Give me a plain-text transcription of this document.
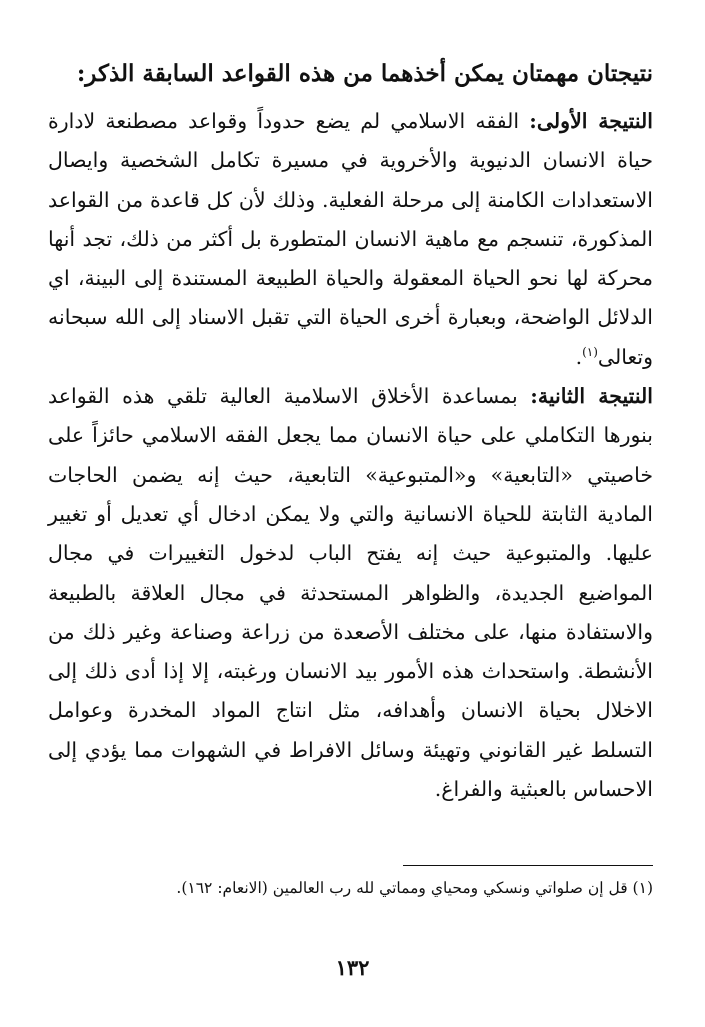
نتيجتان مهمتان يمكن أخذهما من هذه القواعد السابقة الذكر:

النتيجة الأولى: الفقه الاسلامي لم يضع حدوداً وقواعد مصطنعة لادارة حياة الانسان الدنيوية والأخروية في مسيرة تكامل الشخصية وايصال الاستعدادات الكامنة إلى مرحلة الفعلية. وذلك لأن كل قاعدة من القواعد المذكورة، تنسجم مع ماهية الانسان المتطورة بل أكثر من ذلك، تجد أنها محركة لها نحو الحياة المعقولة والحياة الطبيعة المستندة إلى البينة، اي الدلائل الواضحة، وبعبارة أخرى الحياة التي تقبل الاسناد إلى الله سبحانه وتعالى$^{(١)}$.

النتيجة الثانية: بمساعدة الأخلاق الاسلامية العالية تلقي هذه القواعد بنورها التكاملي على حياة الانسان مما يجعل الفقه الاسلامي حائزاً على خاصيتي «التابعية» و«المتبوعية» التابعية، حيث إنه يضمن الحاجات المادية الثابتة للحياة الانسانية والتي ولا يمكن ادخال أي تعديل أو تغيير عليها. والمتبوعية حيث إنه يفتح الباب لدخول التغييرات في مجال المواضيع الجديدة، والظواهر المستحدثة في مجال العلاقة بالطبيعة والاستفادة منها، على مختلف الأصعدة من زراعة وصناعة وغير ذلك من الأنشطة. واستحداث هذه الأمور بيد الانسان ورغبته، إلا إذا أدى ذلك إلى الاخلال بحياة الانسان وأهدافه، مثل انتاج المواد المخدرة وعوامل التسلط غير القانوني وتهيئة وسائل الافراط في الشهوات مما يؤدي إلى الاحساس بالعبثية والفراغ.

(١) قل إن صلواتي ونسكي ومحياي ومماتي لله رب العالمين (الانعام: ١٦٢).

١٣٢
